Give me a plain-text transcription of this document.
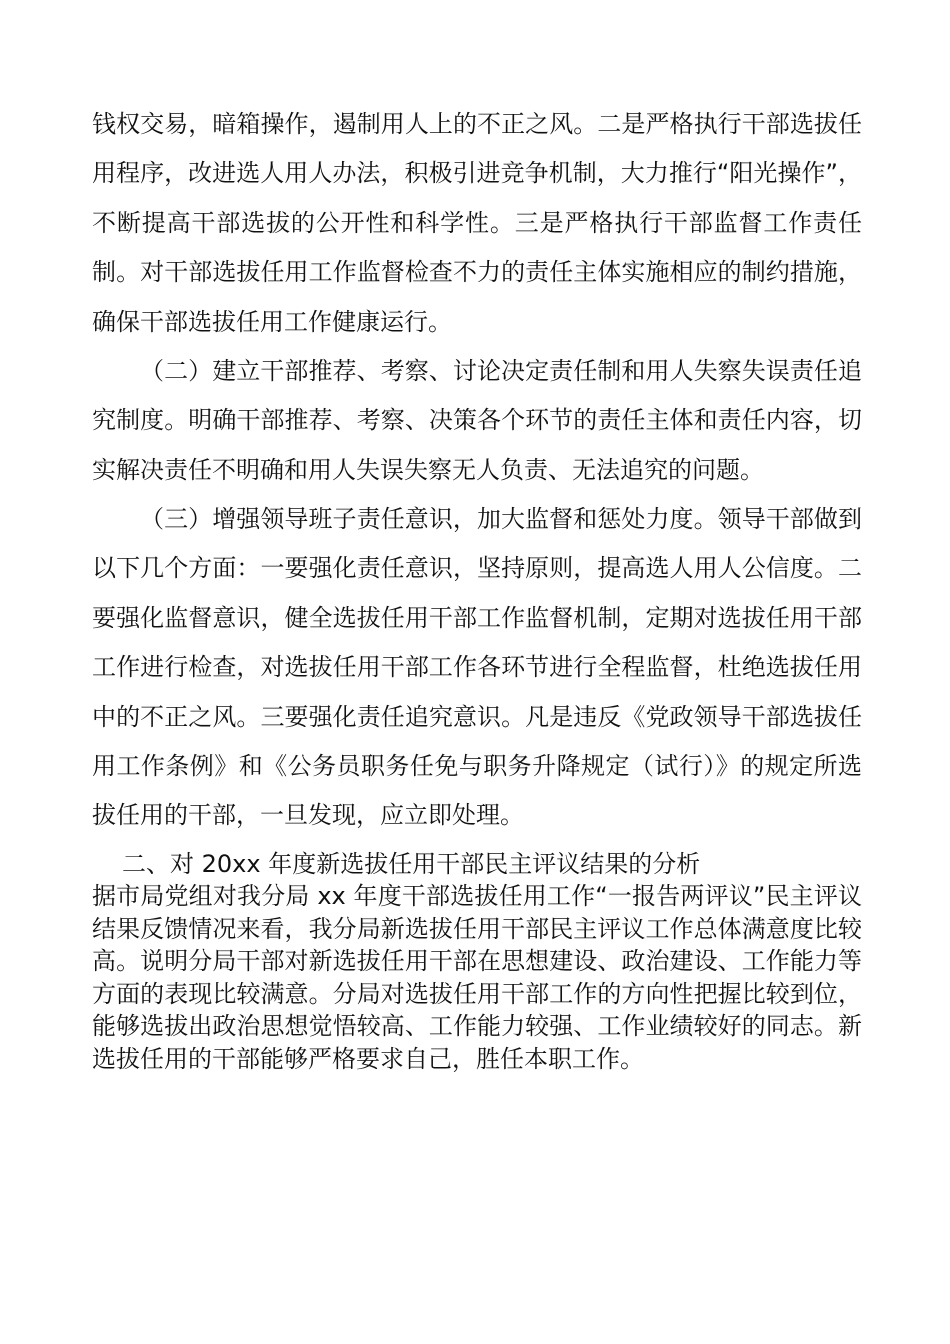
钱权交易，暗箱操作，遏制用人上的不正之风。二是严格执行干部选拔任用程序，改进选人用人办法，积极引进竞争机制，大力推行“阳光操作”，不断提高干部选拔的公开性和科学性。三是严格执行干部监督工作责任制。对干部选拔任用工作监督检查不力的责任主体实施相应的制约措施，确保干部选拔任用工作健康运行。

（二）建立干部推荐、考察、讨论决定责任制和用人失察失误责任追究制度。明确干部推荐、考察、决策各个环节的责任主体和责任内容，切实解决责任不明确和用人失误失察无人负责、无法追究的问题。

（三）增强领导班子责任意识，加大监督和惩处力度。领导干部做到以下几个方面：一要强化责任意识，坚持原则，提高选人用人公信度。二要强化监督意识，健全选拔任用干部工作监督机制，定期对选拔任用干部工作进行检查，对选拔任用干部工作各环节进行全程监督，杜绝选拔任用中的不正之风。三要强化责任追究意识。凡是违反《党政领导干部选拔任用工作条例》和《公务员职务任免与职务升降规定（试行）》的规定所选拔任用的干部，一旦发现，应立即处理。

二、对 20xx 年度新选拔任用干部民主评议结果的分析

据市局党组对我分局 xx 年度干部选拔任用工作“一报告两评议”民主评议结果反馈情况来看，我分局新选拔任用干部民主评议工作总体满意度比较高。说明分局干部对新选拔任用干部在思想建设、政治建设、工作能力等方面的表现比较满意。分局对选拔任用干部工作的方向性把握比较到位，能够选拔出政治思想觉悟较高、工作能力较强、工作业绩较好的同志。新选拔任用的干部能够严格要求自己，胜任本职工作。
